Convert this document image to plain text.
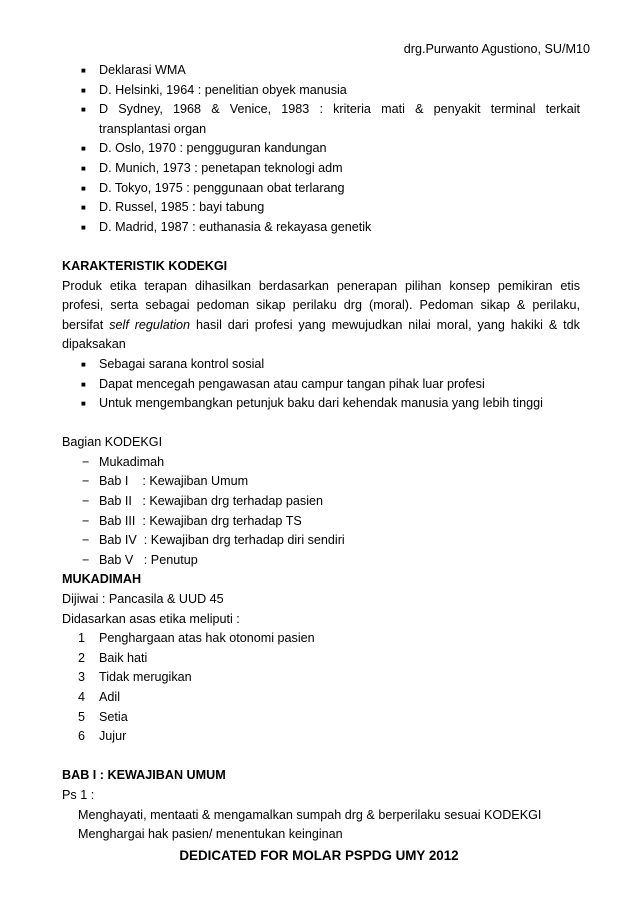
drg.Purwanto Agustiono, SU/M10
■ Deklarasi WMA
■ D. Helsinki, 1964 : penelitian obyek manusia
■ D Sydney, 1968 & Venice, 1983 : kriteria mati & penyakit terminal terkait
transplantasi organ
■ D. Oslo, 1970 : pengguguran kandungan
■ D. Munich, 1973 : penetapan teknologi adm
■ D. Tokyo, 1975 : penggunaan obat terlarang
■ D. Russel, 1985 : bayi tabung
■ D. Madrid, 1987 : euthanasia & rekayasa genetik
KARAKTERISTIK KODEKGI
Produk etika terapan dihasilkan berdasarkan penerapan pilihan konsep pemikiran etis
profesi, serta sebagai pedoman sikap perilaku drg (moral). Pedoman sikap & perilaku,
bersifat self regulation hasil dari profesi yang mewujudkan nilai moral, yang hakiki & tdk
dipaksakan
■ Sebagai sarana kontrol sosial
■ Dapat mencegah pengawasan atau campur tangan pihak luar profesi
■ Untuk mengembangkan petunjuk baku dari kehendak manusia yang lebih tinggi
Bagian KODEKGI
− Mukadimah
− Bab I    : Kewajiban Umum
− Bab II   : Kewajiban drg terhadap pasien
− Bab III  : Kewajiban drg terhadap TS
− Bab IV  : Kewajiban drg terhadap diri sendiri
− Bab V   : Penutup
MUKADIMAH
Dijiwai : Pancasila & UUD 45
Didasarkan asas etika meliputi :
1 Penghargaan atas hak otonomi pasien
2 Baik hati
3 Tidak merugikan
4 Adil
5 Setia
6 Jujur
BAB I : KEWAJIBAN UMUM
Ps 1 :
Menghayati, mentaati & mengamalkan sumpah drg & berperilaku sesuai KODEKGI
Menghargai hak pasien/ menentukan keinginan
DEDICATED FOR MOLAR PSPDG UMY 2012
